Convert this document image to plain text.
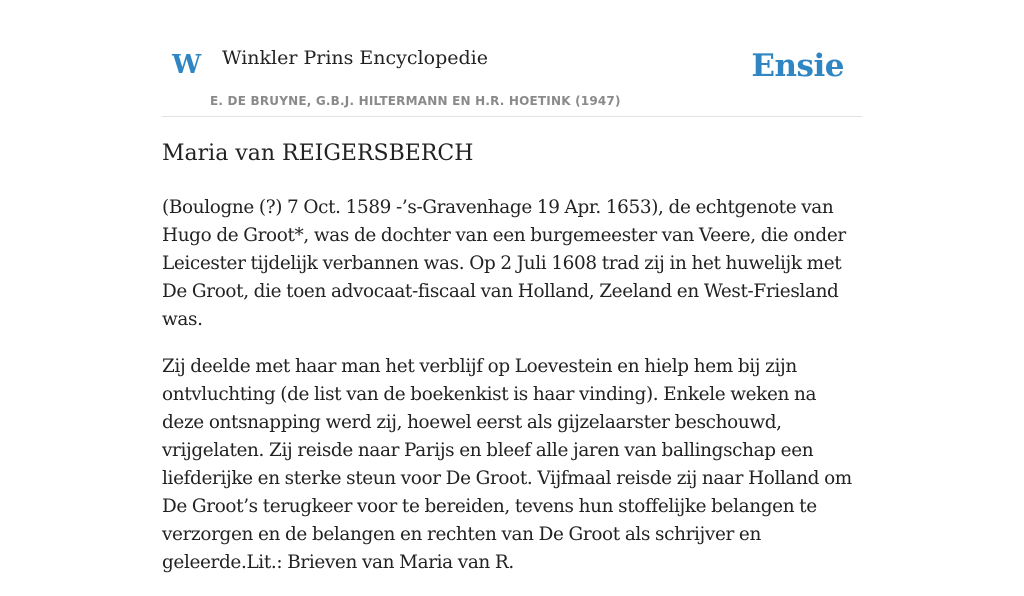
W Winkler Prins Encyclopedie
E. DE BRUYNE, G.B.J. HILTERMANN EN H.R. HOETINK (1947)
Ensie
Maria van REIGERSBERCH

(Boulogne (?) 7 Oct. 1589 -’s-Gravenhage 19 Apr. 1653), de echtgenote van Hugo de Groot*, was de dochter van een burgemeester van Veere, die onder Leicester tijdelijk verbannen was. Op 2 Juli 1608 trad zij in het huwelijk met De Groot, die toen advocaat-fiscaal van Holland, Zeeland en West-Friesland was.

Zij deelde met haar man het verblijf op Loevestein en hielp hem bij zijn ontvluchting (de list van de boekenkist is haar vinding). Enkele weken na deze ontsnapping werd zij, hoewel eerst als gijzelaarster beschouwd, vrijgelaten. Zij reisde naar Parijs en bleef alle jaren van ballingschap een liefderijke en sterke steun voor De Groot. Vijfmaal reisde zij naar Holland om De Groot’s terugkeer voor te bereiden, tevens hun stoffelijke belangen te verzorgen en de belangen en rechten van De Groot als schrijver en geleerde.Lit.: Brieven van Maria van R.
